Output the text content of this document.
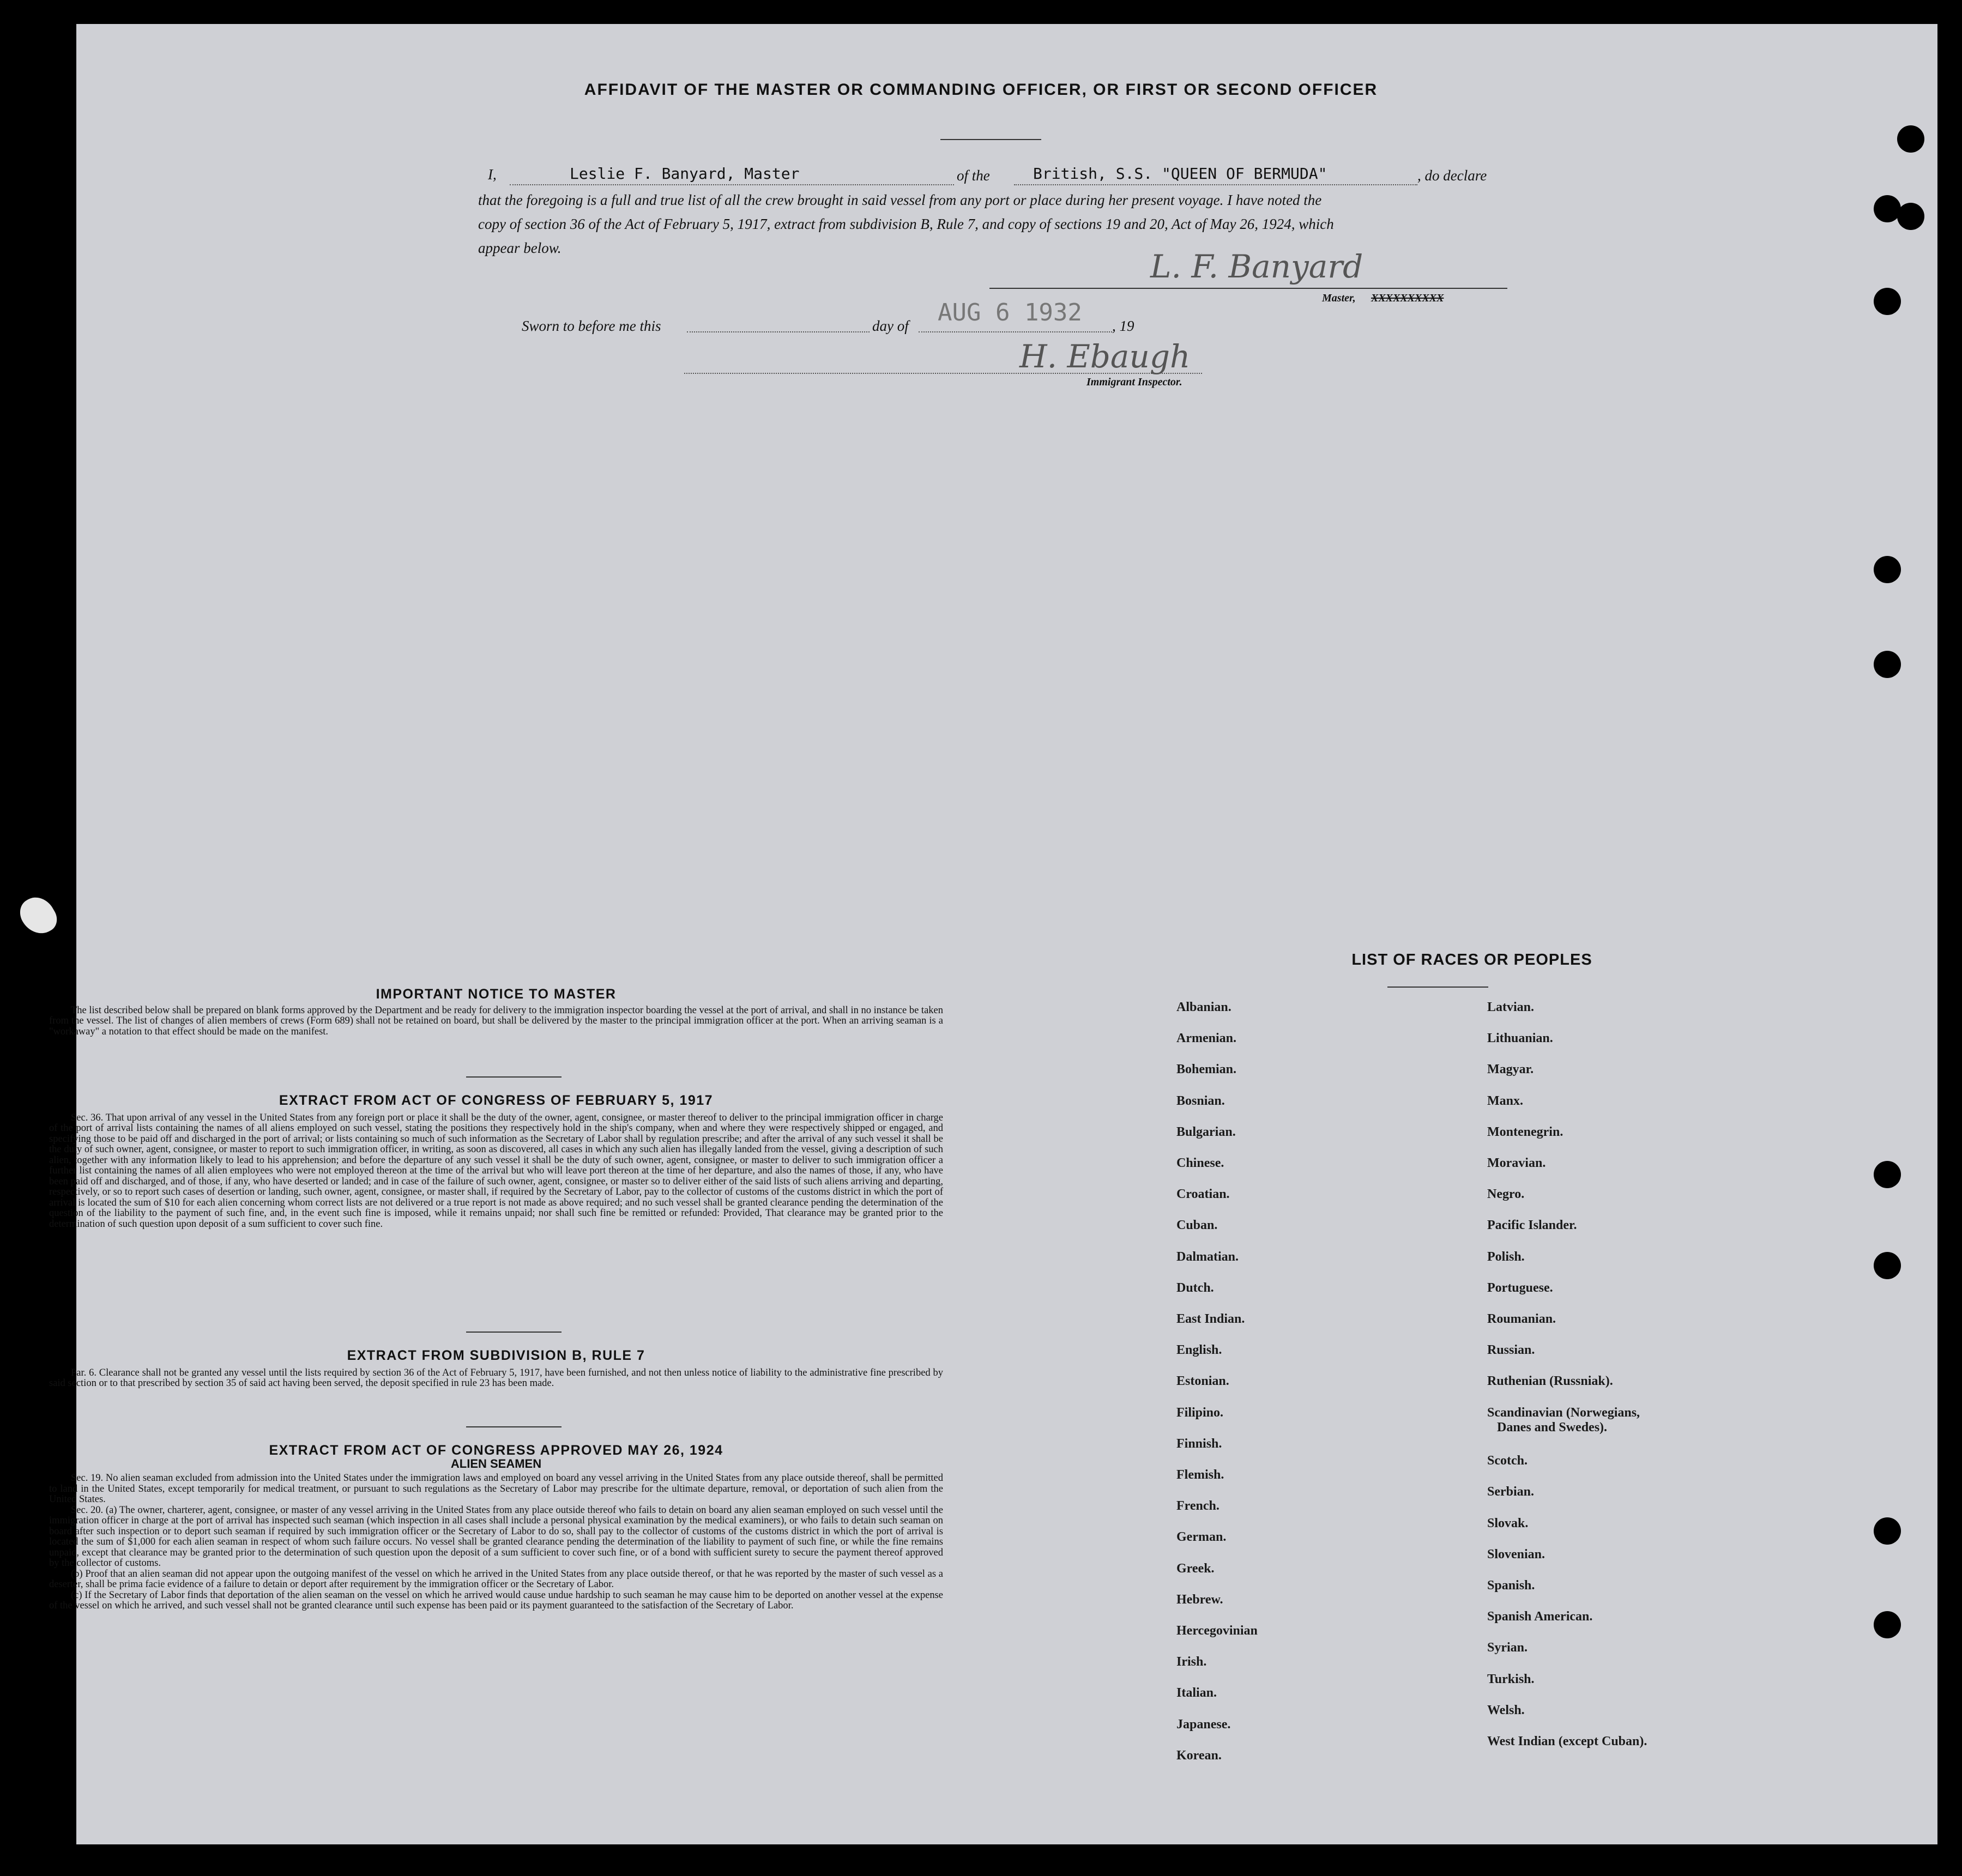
AFFIDAVIT OF THE MASTER OR COMMANDING OFFICER, OR FIRST OR SECOND OFFICER
I,	Leslie F. Banyard, Master	of the	British, S.S. "QUEEN OF BERMUDA"	, do declare
that the foregoing is a full and true list of all the crew brought in said vessel from any port or place during her present voyage. I have noted the
copy of section 36 of the Act of February 5, 1917, extract from subdivision B, Rule 7, and copy of sections 19 and 20, Act of May 26, 1924, which
appear below.	L. F. Banyard
Master, XXXXXXXXXX
Sworn to before me this	day of AUG 6 1932 , 19
H. Ebaugh
Immigrant Inspector.
IMPORTANT NOTICE TO MASTER

The list described below shall be prepared on blank forms approved by the Department and be ready for delivery to the immigration inspector boarding the vessel at the port of arrival, and shall in no instance be taken from the vessel. The list of changes of alien members of crews (Form 689) shall not be retained on board, but shall be delivered by the master to the principal immigration officer at the port. When an arriving seaman is a "workaway" a notation to that effect should be made on the manifest.

EXTRACT FROM ACT OF CONGRESS OF FEBRUARY 5, 1917

Sec. 36. That upon arrival of any vessel in the United States from any foreign port or place it shall be the duty of the owner, agent, consignee, or master thereof to deliver to the principal immigration officer in charge of the port of arrival lists containing the names of all aliens employed on such vessel, stating the positions they respectively hold in the ship's company, when and where they were respectively shipped or engaged, and specifying those to be paid off and discharged in the port of arrival; or lists containing so much of such information as the Secretary of Labor shall by regulation prescribe; and after the arrival of any such vessel it shall be the duty of such owner, agent, consignee, or master to report to such immigration officer, in writing, as soon as discovered, all cases in which any such alien has illegally landed from the vessel, giving a description of such alien, together with any information likely to lead to his apprehension; and before the departure of any such vessel it shall be the duty of such owner, agent, consignee, or master to deliver to such immigration officer a further list containing the names of all alien employees who were not employed thereon at the time of the arrival but who will leave port thereon at the time of her departure, and also the names of those, if any, who have been paid off and discharged, and of those, if any, who have deserted or landed; and in case of the failure of such owner, agent, consignee, or master so to deliver either of the said lists of such aliens arriving and departing, respectively, or so to report such cases of desertion or landing, such owner, agent, consignee, or master shall, if required by the Secretary of Labor, pay to the collector of customs of the customs district in which the port of arrival is located the sum of $10 for each alien concerning whom correct lists are not delivered or a true report is not made as above required; and no such vessel shall be granted clearance pending the determination of the question of the liability to the payment of such fine, and, in the event such fine is imposed, while it remains unpaid; nor shall such fine be remitted or refunded: Provided, That clearance may be granted prior to the determination of such question upon deposit of a sum sufficient to cover such fine.

EXTRACT FROM SUBDIVISION B, RULE 7

Par. 6. Clearance shall not be granted any vessel until the lists required by section 36 of the Act of February 5, 1917, have been furnished, and not then unless notice of liability to the administrative fine prescribed by said section or to that prescribed by section 35 of said act having been served, the deposit specified in rule 23 has been made.

EXTRACT FROM ACT OF CONGRESS APPROVED MAY 26, 1924
ALIEN SEAMEN

Sec. 19. No alien seaman excluded from admission into the United States under the immigration laws and employed on board any vessel arriving in the United States from any place outside thereof, shall be permitted to land in the United States, except temporarily for medical treatment, or pursuant to such regulations as the Secretary of Labor may prescribe for the ultimate departure, removal, or deportation of such alien from the United States.

Sec. 20. (a) The owner, charterer, agent, consignee, or master of any vessel arriving in the United States from any place outside thereof who fails to detain on board any alien seaman employed on such vessel until the immigration officer in charge at the port of arrival has inspected such seaman (which inspection in all cases shall include a personal physical examination by the medical examiners), or who fails to detain such seaman on board after such inspection or to deport such seaman if required by such immigration officer or the Secretary of Labor to do so, shall pay to the collector of customs of the customs district in which the port of arrival is located the sum of $1,000 for each alien seaman in respect of whom such failure occurs. No vessel shall be granted clearance pending the determination of the liability to payment of such fine, or while the fine remains unpaid, except that clearance may be granted prior to the determination of such question upon the deposit of a sum sufficient to cover such fine, or of a bond with sufficient surety to secure the payment thereof approved by the collector of customs.

(b) Proof that an alien seaman did not appear upon the outgoing manifest of the vessel on which he arrived in the United States from any place outside thereof, or that he was reported by the master of such vessel as a deserter, shall be prima facie evidence of a failure to detain or deport after requirement by the immigration officer or the Secretary of Labor.

(c) If the Secretary of Labor finds that deportation of the alien seaman on the vessel on which he arrived would cause undue hardship to such seaman he may cause him to be deported on another vessel at the expense of the vessel on which he arrived, and such vessel shall not be granted clearance until such expense has been paid or its payment guaranteed to the satisfaction of the Secretary of Labor.

LIST OF RACES OR PEOPLES
Albanian.
Armenian.
Bohemian.
Bosnian.
Bulgarian.
Chinese.
Croatian.
Cuban.
Dalmatian.
Dutch.
East Indian.
English.
Estonian.
Filipino.
Finnish.
Flemish.
French.
German.
Greek.
Hebrew.
Hercegovinian
Irish.
Italian.
Japanese.
Korean.
Latvian.
Lithuanian.
Magyar.
Manx.
Montenegrin.
Moravian.
Negro.
Pacific Islander.
Polish.
Portuguese.
Roumanian.
Russian.
Ruthenian (Russniak).
Scandinavian (Norwegians,
Danes and Swedes).
Scotch.
Serbian.
Slovak.
Slovenian.
Spanish.
Spanish American.
Syrian.
Turkish.
Welsh.
West Indian (except Cuban).
